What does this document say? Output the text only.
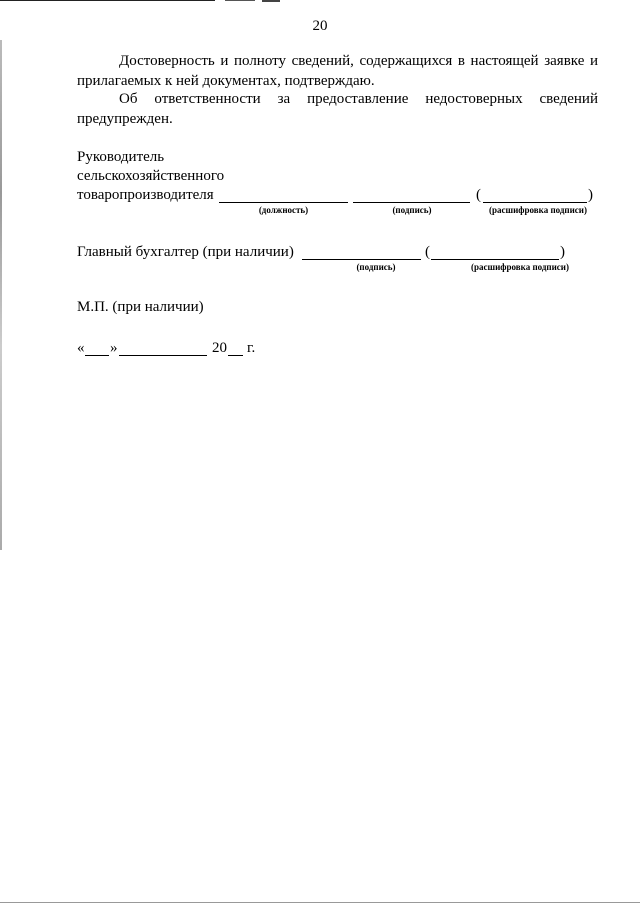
20
Достоверность и полноту сведений, содержащихся в настоящей заявке и прилагаемых к ней документах, подтверждаю.
Об ответственности за предоставление недостоверных сведений предупрежден.
Руководитель
сельскохозяйственного
товаропроизводителя	(	)
(должность)	(подпись)	(расшифровка подписи)
Главный бухгалтер (при наличии)	(	)
(подпись)	(расшифровка подписи)
М.П. (при наличии)
« »	20 г.
